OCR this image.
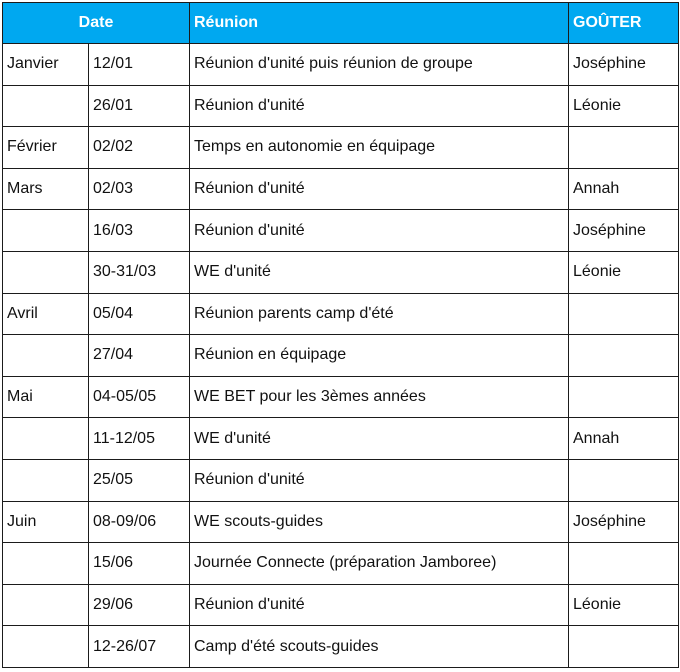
Date		Réunion	GOÛTER
Janvier	12/01	Réunion d'unité puis réunion de groupe	Joséphine
	26/01	Réunion d'unité	Léonie
Février	02/02	Temps en autonomie en équipage	
Mars	02/03	Réunion d'unité	Annah
	16/03	Réunion d'unité	Joséphine
	30-31/03	WE d'unité	Léonie
Avril	05/04	Réunion parents camp d'été	
	27/04	Réunion en équipage	
Mai	04-05/05	WE BET pour les 3èmes années	
	11-12/05	WE d'unité	Annah
	25/05	Réunion d'unité	
Juin	08-09/06	WE scouts-guides	Joséphine
	15/06	Journée Connecte (préparation Jamboree)	
	29/06	Réunion d'unité	Léonie
	12-26/07	Camp d'été scouts-guides	
